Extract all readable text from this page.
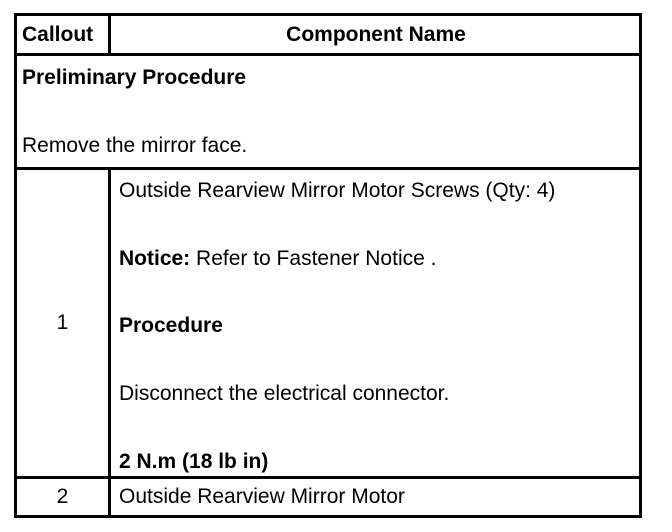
Callout	Component Name
Preliminary Procedure
Remove the mirror face.
1
Outside Rearview Mirror Motor Screws (Qty: 4)
Notice: Refer to Fastener Notice .
Procedure
Disconnect the electrical connector.
2 N.m (18 lb in)
2	Outside Rearview Mirror Motor
